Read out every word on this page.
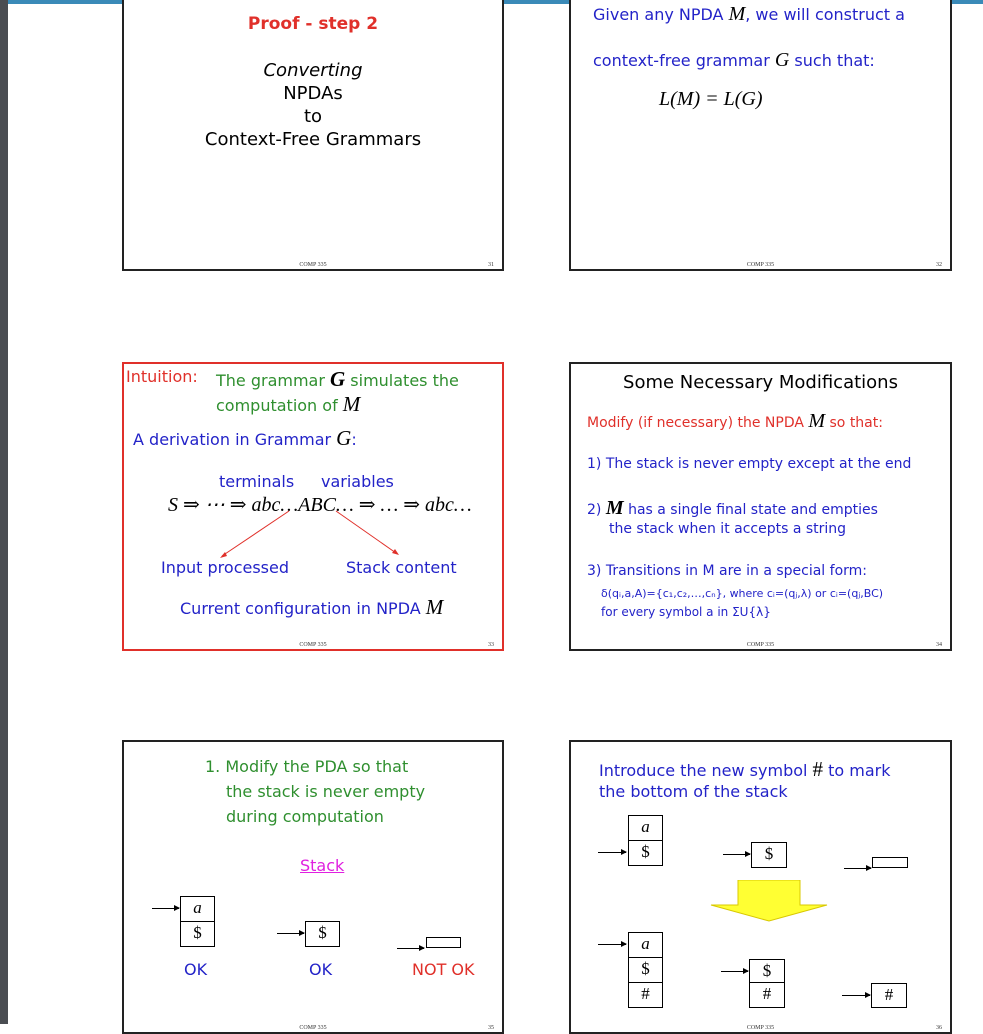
Proof - step 2
Converting
NPDAs
to
Context-Free Grammars
COMP 335	31
Given any NPDA M, we will construct a
context-free grammar G such that:
L(M) = L(G)
COMP 335	32
Intuition: The grammar G simulates the
computation of M
A derivation in Grammar G:
terminals variables
S ⇒ ⋯ ⇒ abc…ABC… ⇒ … ⇒ abc…
Input processed	Stack content
Current configuration in NPDA M
COMP 335	33
Some Necessary Modifications
Modify (if necessary) the NPDA M so that:
1) The stack is never empty except at the end
2) M has a single final state and empties
the stack when it accepts a string
3) Transitions in M are in a special form:
δ(qᵢ,a,A)={c₁,c₂,…,cₙ}, where cᵢ=(qⱼ,λ) or cᵢ=(qⱼ,BC)
for every symbol a in ΣU{λ}
COMP 335	34
1. Modify the PDA so that
the stack is never empty
during computation
Stack
a
$	$
OK	OK	NOT OK
COMP 335	35
Introduce the new symbol # to mark
the bottom of the stack
a
$	$
a
$
#
$
#	#
COMP 335	36
